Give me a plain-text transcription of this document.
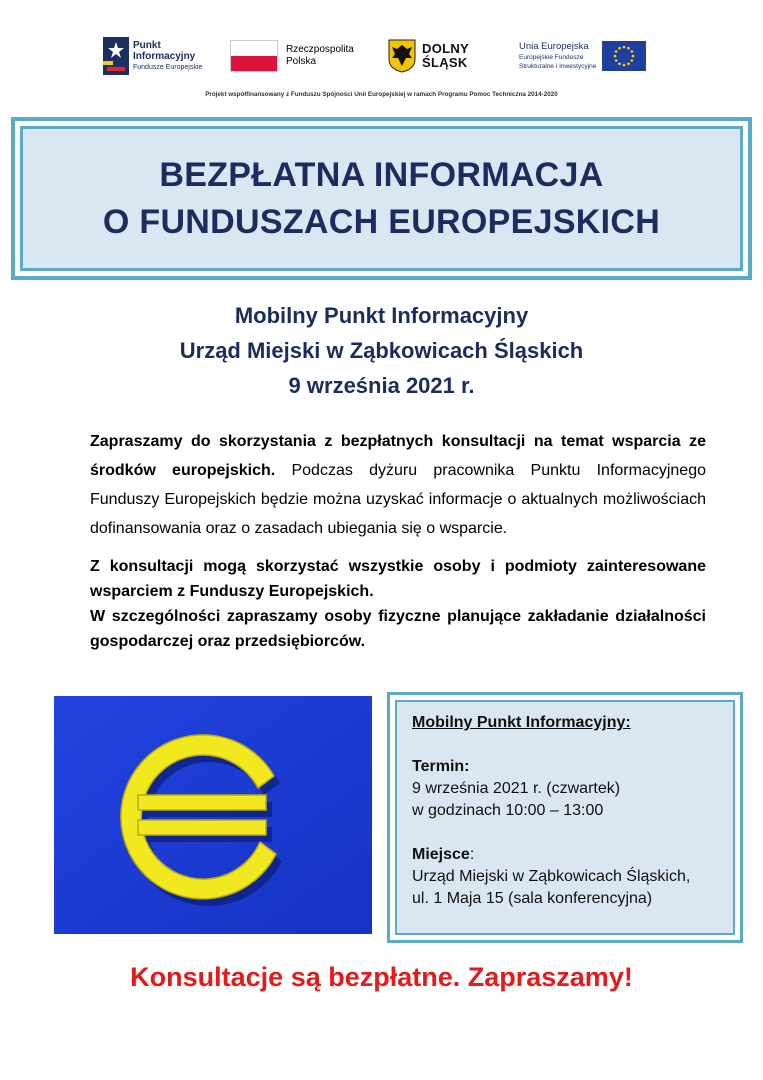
Punkt
Informacyjny
Fundusze Europejskie
Rzeczpospolita
Polska
DOLNY
ŚLĄSK
Unia Europejska
Europejskie Fundusze
Strukturalne i Inwestycyjne
Projekt współfinansowany z Funduszu Spójności Unii Europejskiej w ramach Programu Pomoc Techniczna 2014-2020
BEZPŁATNA INFORMACJA
O FUNDUSZACH EUROPEJSKICH
Mobilny Punkt Informacyjny
Urząd Miejski w Ząbkowicach Śląskich
9 września 2021 r.

Zapraszamy do skorzystania z bezpłatnych konsultacji na temat wsparcia ze środków europejskich. Podczas dyżuru pracownika Punktu Informacyjnego Funduszy Europejskich będzie można uzyskać informacje o aktualnych możliwościach dofinansowania oraz o zasadach ubiegania się o wsparcie.

Z konsultacji mogą skorzystać wszystkie osoby i podmioty zainteresowane wsparciem z Funduszy Europejskich.
W szczególności zapraszamy osoby fizyczne planujące zakładanie działalności gospodarczej oraz przedsiębiorców.

Mobilny Punkt Informacyjny:
Termin:
9 września 2021 r. (czwartek)
w godzinach 10:00 – 13:00
Miejsce:
Urząd Miejski w Ząbkowicach Śląskich,
ul. 1 Maja 15 (sala konferencyjna)
Konsultacje są bezpłatne. Zapraszamy!
